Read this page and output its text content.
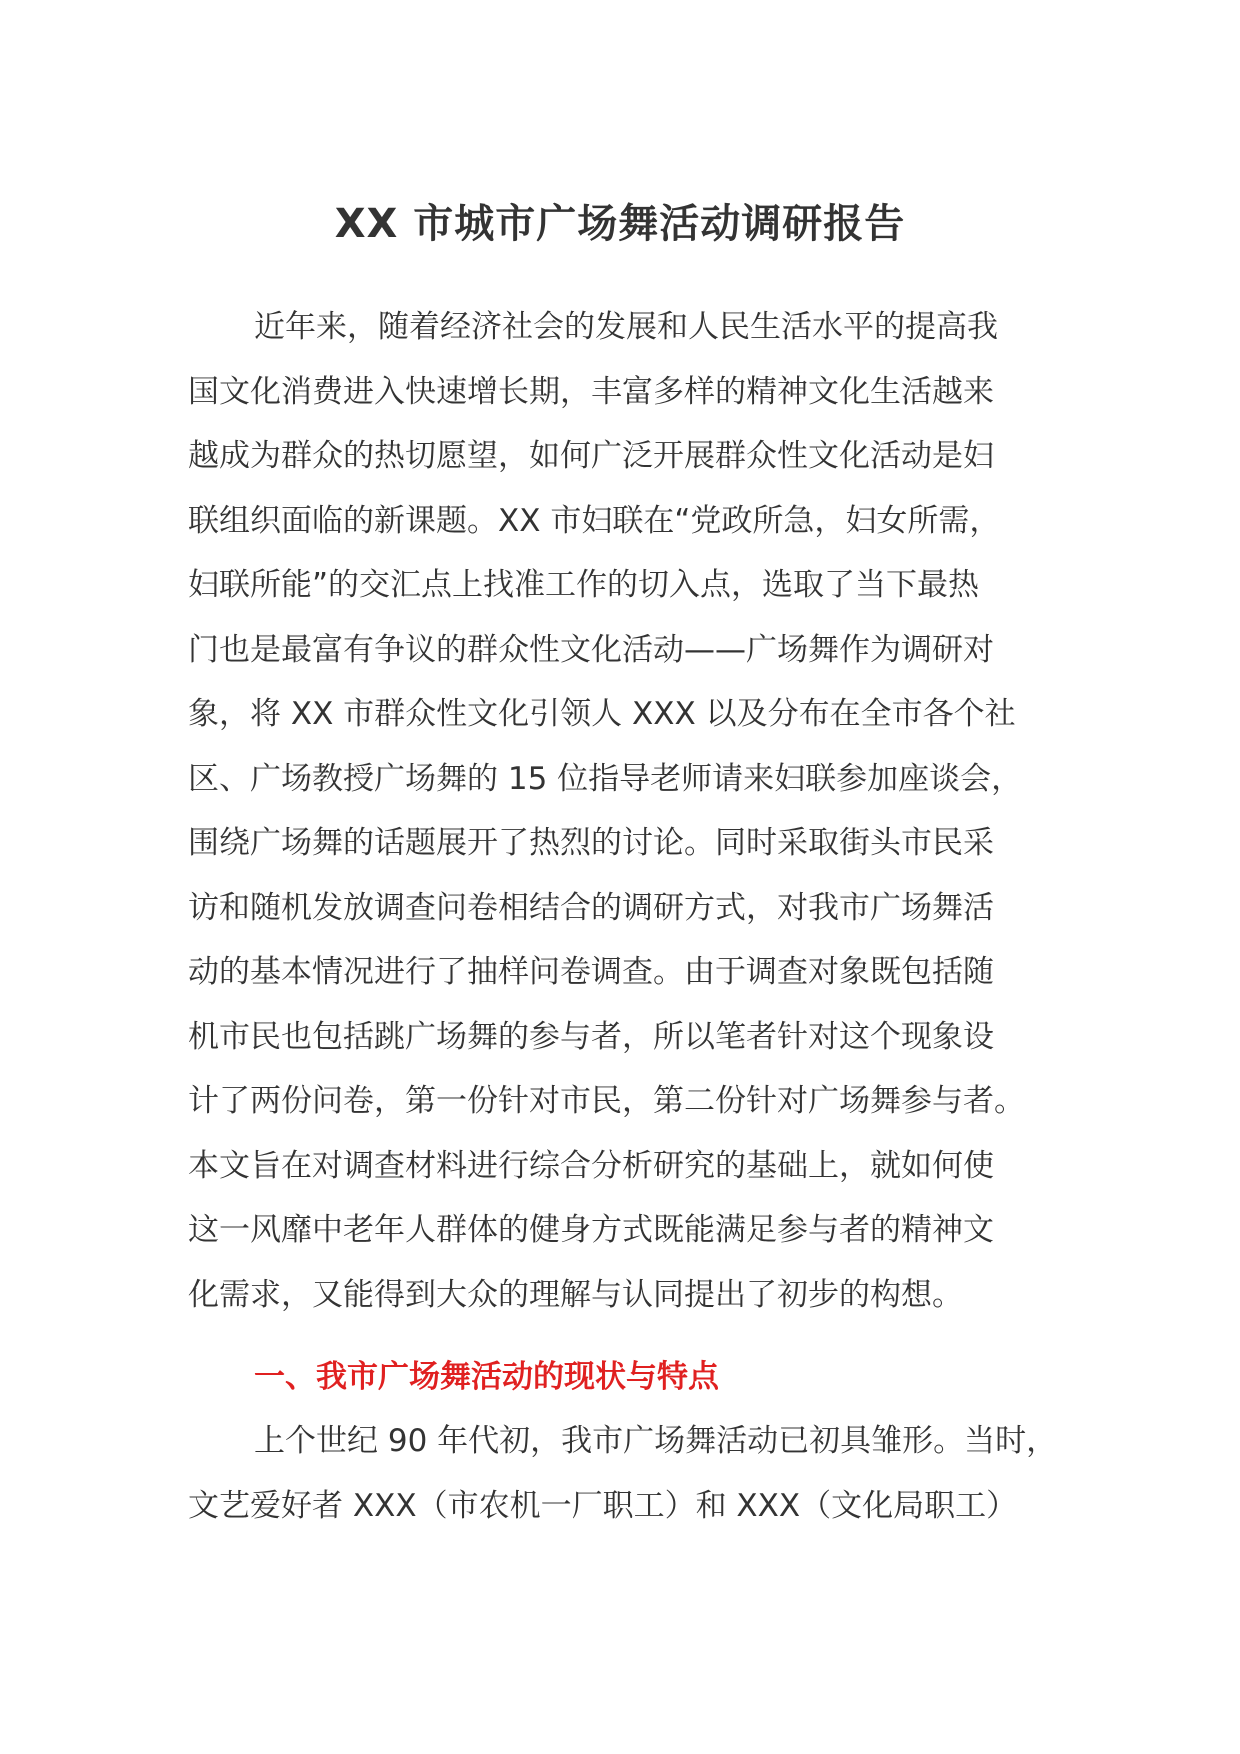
XX 市城市广场舞活动调研报告
近年来，随着经济社会的发展和人民生活水平的提高我
国文化消费进入快速增长期，丰富多样的精神文化生活越来
越成为群众的热切愿望，如何广泛开展群众性文化活动是妇
联组织面临的新课题。XX 市妇联在“党政所急，妇女所需，
妇联所能”的交汇点上找准工作的切入点，选取了当下最热
门也是最富有争议的群众性文化活动——广场舞作为调研对
象，将 XX 市群众性文化引领人 XXX 以及分布在全市各个社
区、广场教授广场舞的 15 位指导老师请来妇联参加座谈会，
围绕广场舞的话题展开了热烈的讨论。同时采取街头市民采
访和随机发放调查问卷相结合的调研方式，对我市广场舞活
动的基本情况进行了抽样问卷调查。由于调查对象既包括随
机市民也包括跳广场舞的参与者，所以笔者针对这个现象设
计了两份问卷，第一份针对市民，第二份针对广场舞参与者。
本文旨在对调查材料进行综合分析研究的基础上，就如何使
这一风靡中老年人群体的健身方式既能满足参与者的精神文
化需求，又能得到大众的理解与认同提出了初步的构想。
一、我市广场舞活动的现状与特点
上个世纪 90 年代初，我市广场舞活动已初具雏形。当时，
文艺爱好者 XXX（市农机一厂职工）和 XXX（文化局职工）
